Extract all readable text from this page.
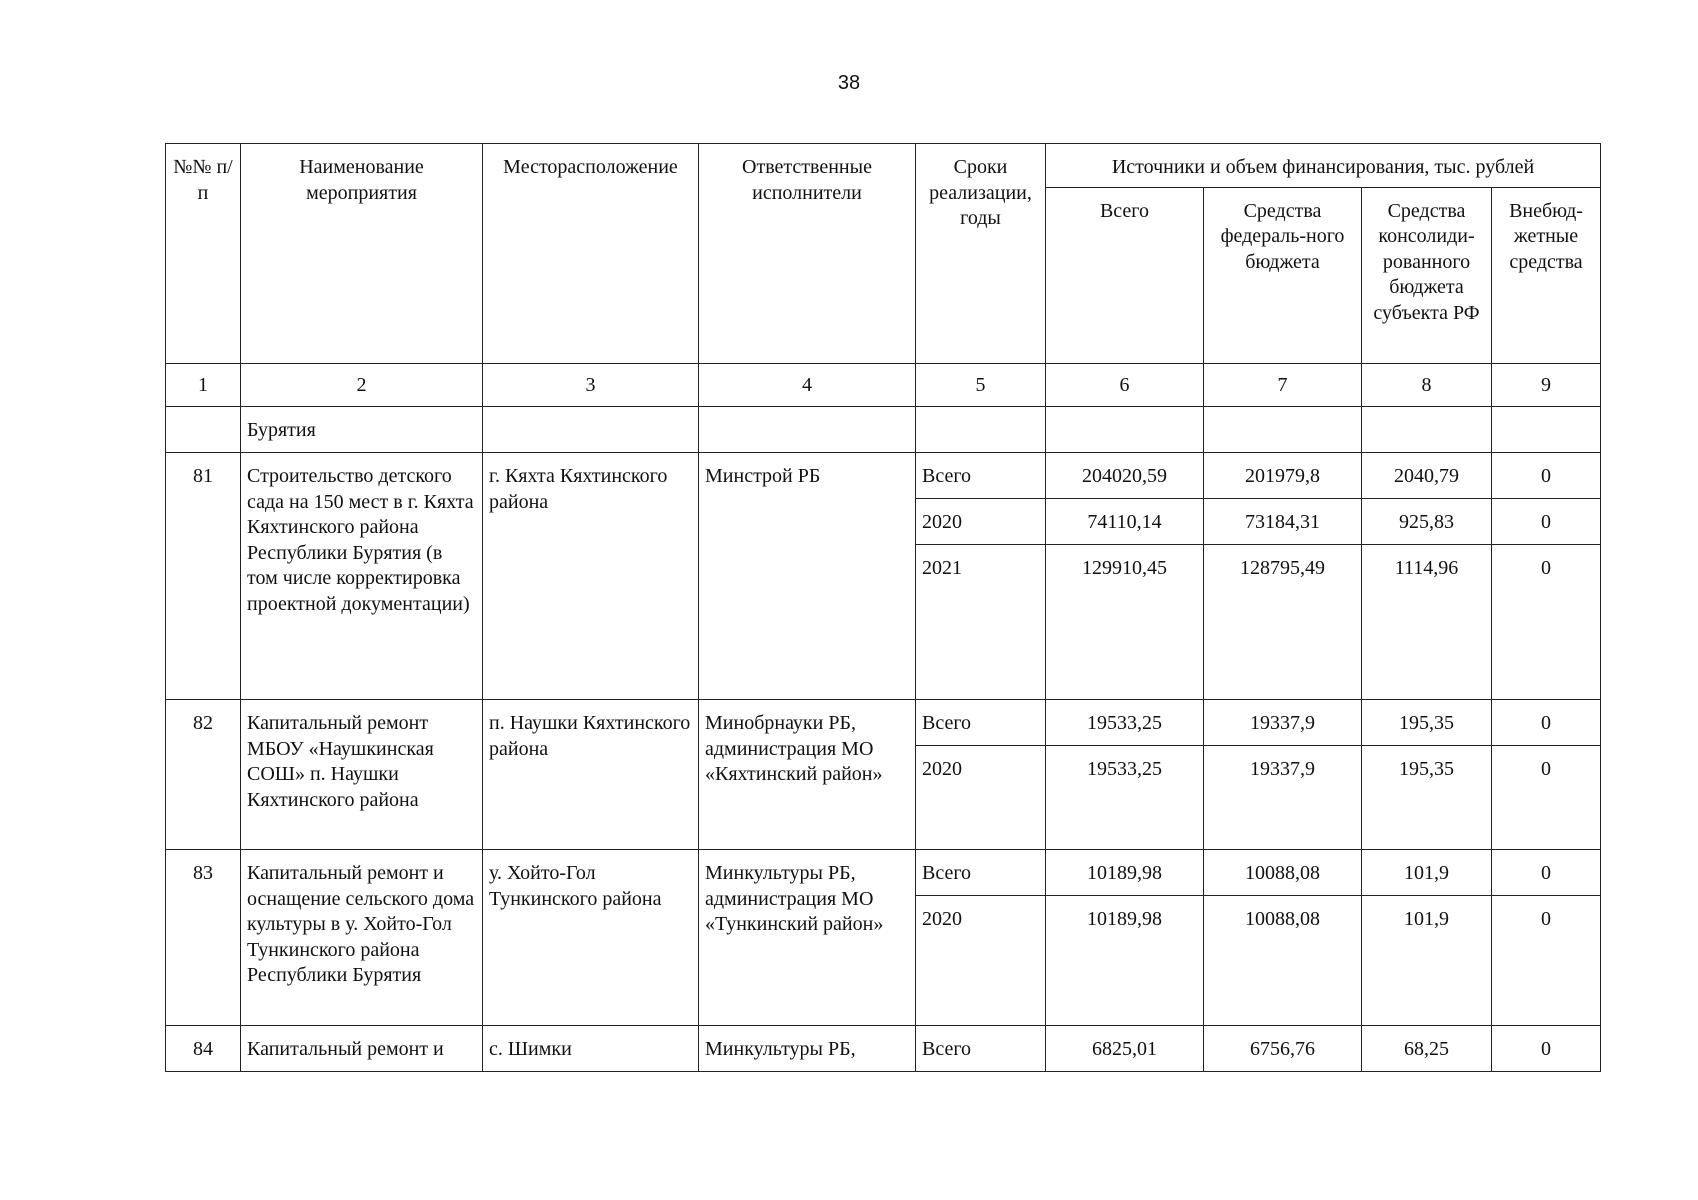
38
№№ п/п	Наименование мероприятия	Месторасположение	Ответственные исполнители	Сроки реализации, годы	Источники и объем финансирования, тыс. рублей			
					Всего	Средства федераль-ного бюджета	Средства консолиди-рованного бюджета субъекта РФ	Внебюд-жетные средства
1	2	3	4	5	6	7	8	9
	Бурятия							
81	Строительство детского сада на 150 мест в г. Кяхта Кяхтинского района Республики Бурятия (в том числе корректировка проектной документации)	г. Кяхта Кяхтинского района	Минстрой РБ	Всего	204020,59	201979,8	2040,79	0
				2020	74110,14	73184,31	925,83	0
				2021	129910,45	128795,49	1114,96	0
82	Капитальный ремонт МБОУ «Наушкинская СОШ» п. Наушки Кяхтинского района	п. Наушки Кяхтинского района	Минобрнауки РБ, администрация МО «Кяхтинский район»	Всего	19533,25	19337,9	195,35	0
				2020	19533,25	19337,9	195,35	0
83	Капитальный ремонт и оснащение сельского дома культуры в у. Хойто-Гол Тункинского района Республики Бурятия	у. Хойто-Гол Тункинского района	Минкультуры РБ, администрация МО «Тункинский район»	Всего	10189,98	10088,08	101,9	0
				2020	10189,98	10088,08	101,9	0
84	Капитальный ремонт и	с. Шимки	Минкультуры РБ,	Всего	6825,01	6756,76	68,25	0
